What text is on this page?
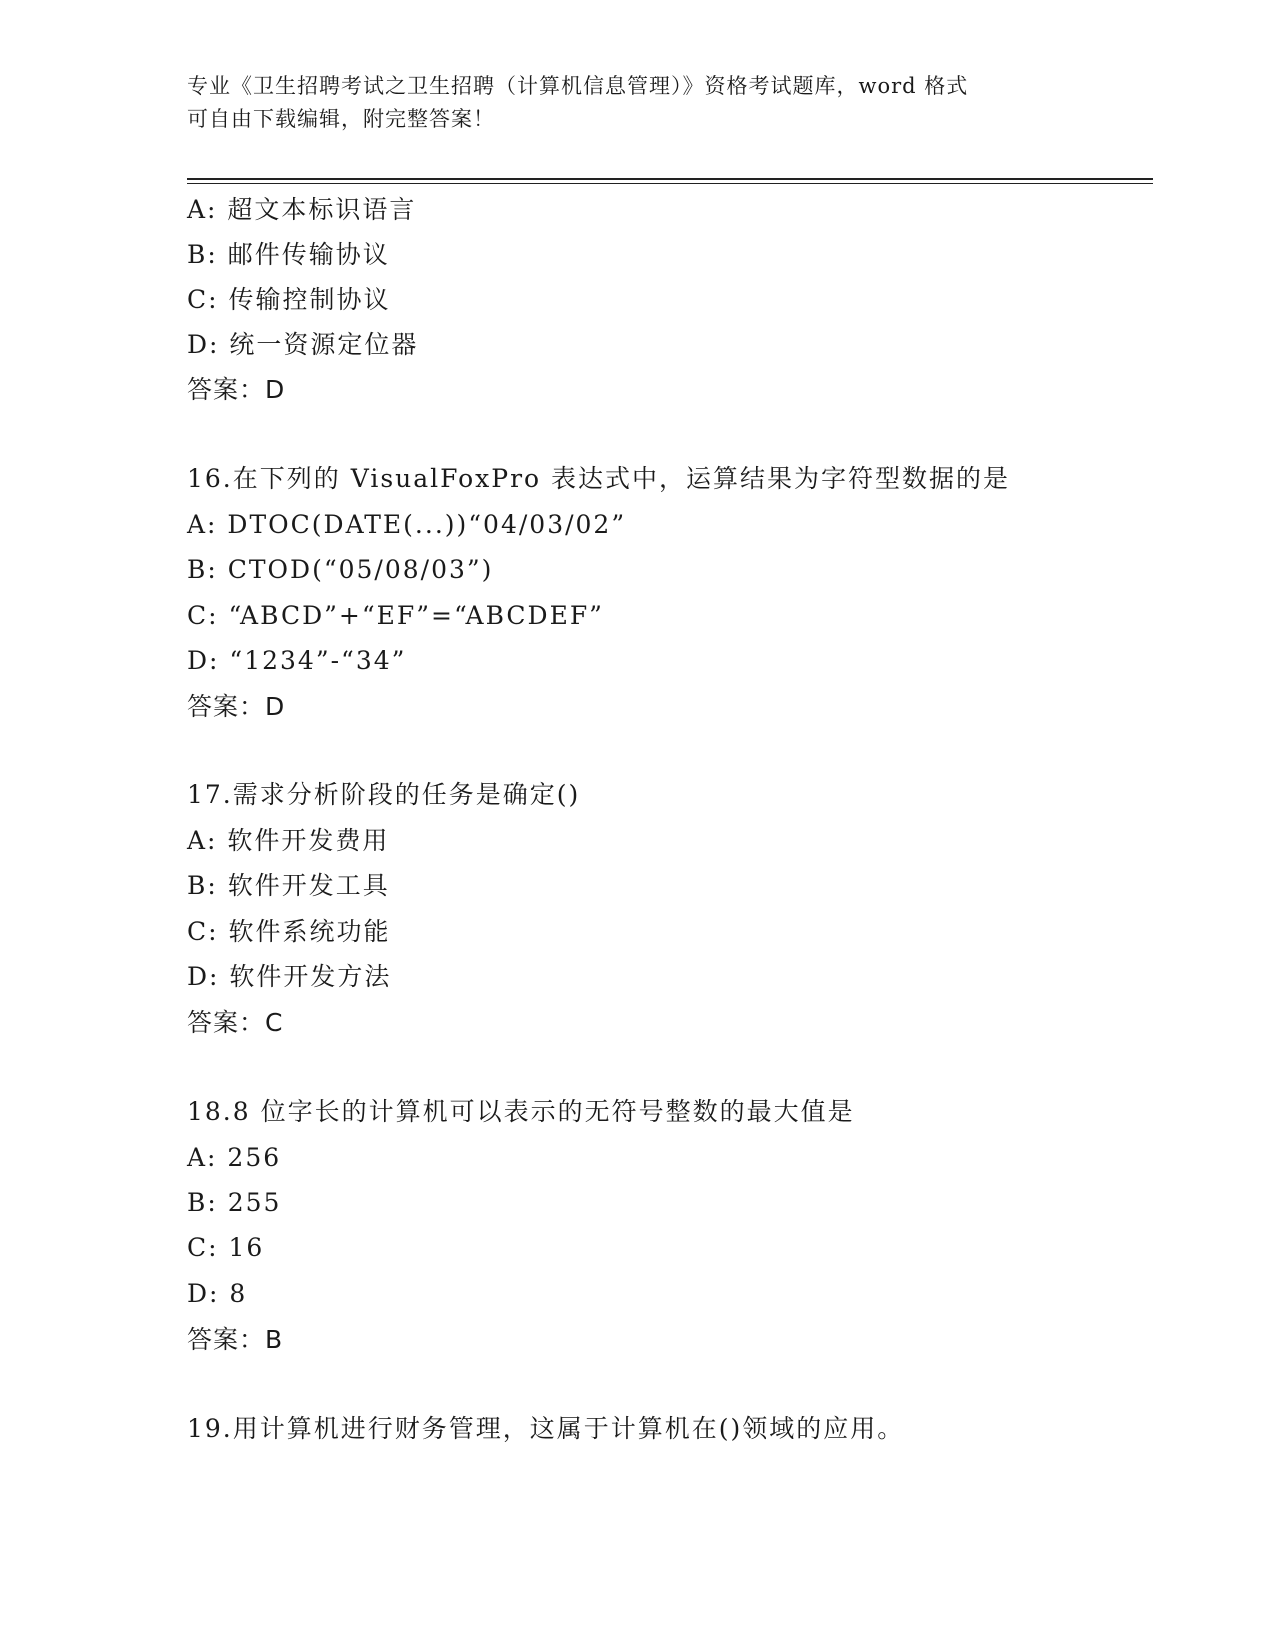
专业《卫生招聘考试之卫生招聘（计算机信息管理）》资格考试题库，word 格式
可自由下载编辑，附完整答案！
A: 超文本标识语言
B: 邮件传输协议
C: 传输控制协议
D: 统一资源定位器
答案：D
16.在下列的 VisualFoxPro 表达式中，运算结果为字符型数据的是
A: DTOC(DATE(...))“04/03/02”
B: CTOD(“05/08/03”)
C: “ABCD”+“EF”=“ABCDEF”
D: “1234”-“34”
答案：D
17.需求分析阶段的任务是确定()
A: 软件开发费用
B: 软件开发工具
C: 软件系统功能
D: 软件开发方法
答案：C
18.8 位字长的计算机可以表示的无符号整数的最大值是
A: 256
B: 255
C: 16
D: 8
答案：B
19.用计算机进行财务管理，这属于计算机在()领域的应用。
